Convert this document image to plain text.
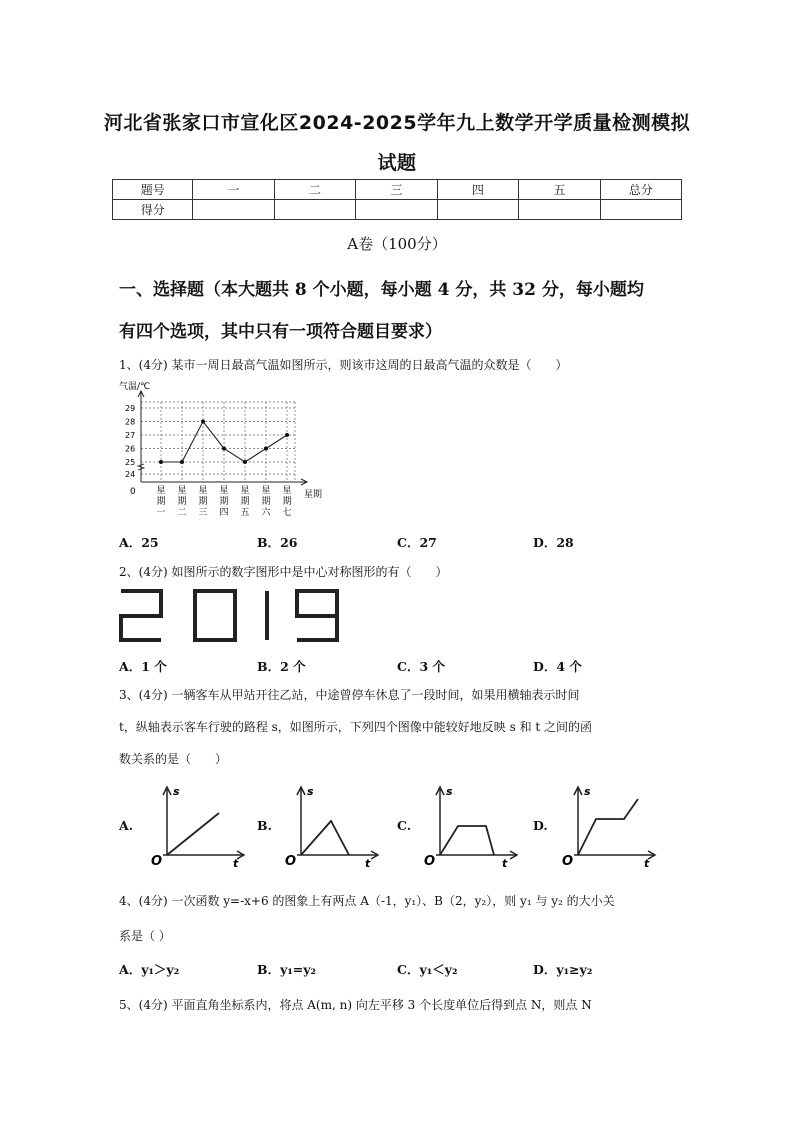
河北省张家口市宣化区2024-2025学年九上数学开学质量检测模拟
试题
题号	一	二	三	四	五	总分
得分						
A卷（100分）
一、选择题（本大题共 8 个小题，每小题 4 分，共 32 分，每小题均
有四个选项，其中只有一项符合题目要求）
1、(4分) 某市一周日最高气温如图所示，则该市这周的日最高气温的众数是（　　）
气温/℃
24
25
26
27
28
29
星
期
一
星
期
二
星
期
三
星
期
四
星
期
五
星
期
六
星
期
七
星期
0
A．25	B．26	C．27	D．28
2、(4分) 如图所示的数字图形中是中心对称图形的有（　　）
A．1 个	B．2 个	C．3 个	D．4 个
3、(4分) 一辆客车从甲站开往乙站，中途曾停车休息了一段时间，如果用横轴表示时间
t，纵轴表示客车行驶的路程 s，如图所示，下列四个图像中能较好地反映 s 和 t 之间的函
数关系的是（　　）
A.	B.	C.	D.
s
t
O
s
t
O
s
t
O
s
t
O
4、(4分) 一次函数 y=-x+6 的图象上有两点 A（-1，y₁）、B（2，y₂），则 y₁ 与 y₂ 的大小关
系是（ ）
A．y₁＞y₂	B．y₁=y₂	C．y₁＜y₂	D．y₁≥y₂
5、(4分) 平面直角坐标系内，将点 A(m, n) 向左平移 3 个长度单位后得到点 N，则点 N
